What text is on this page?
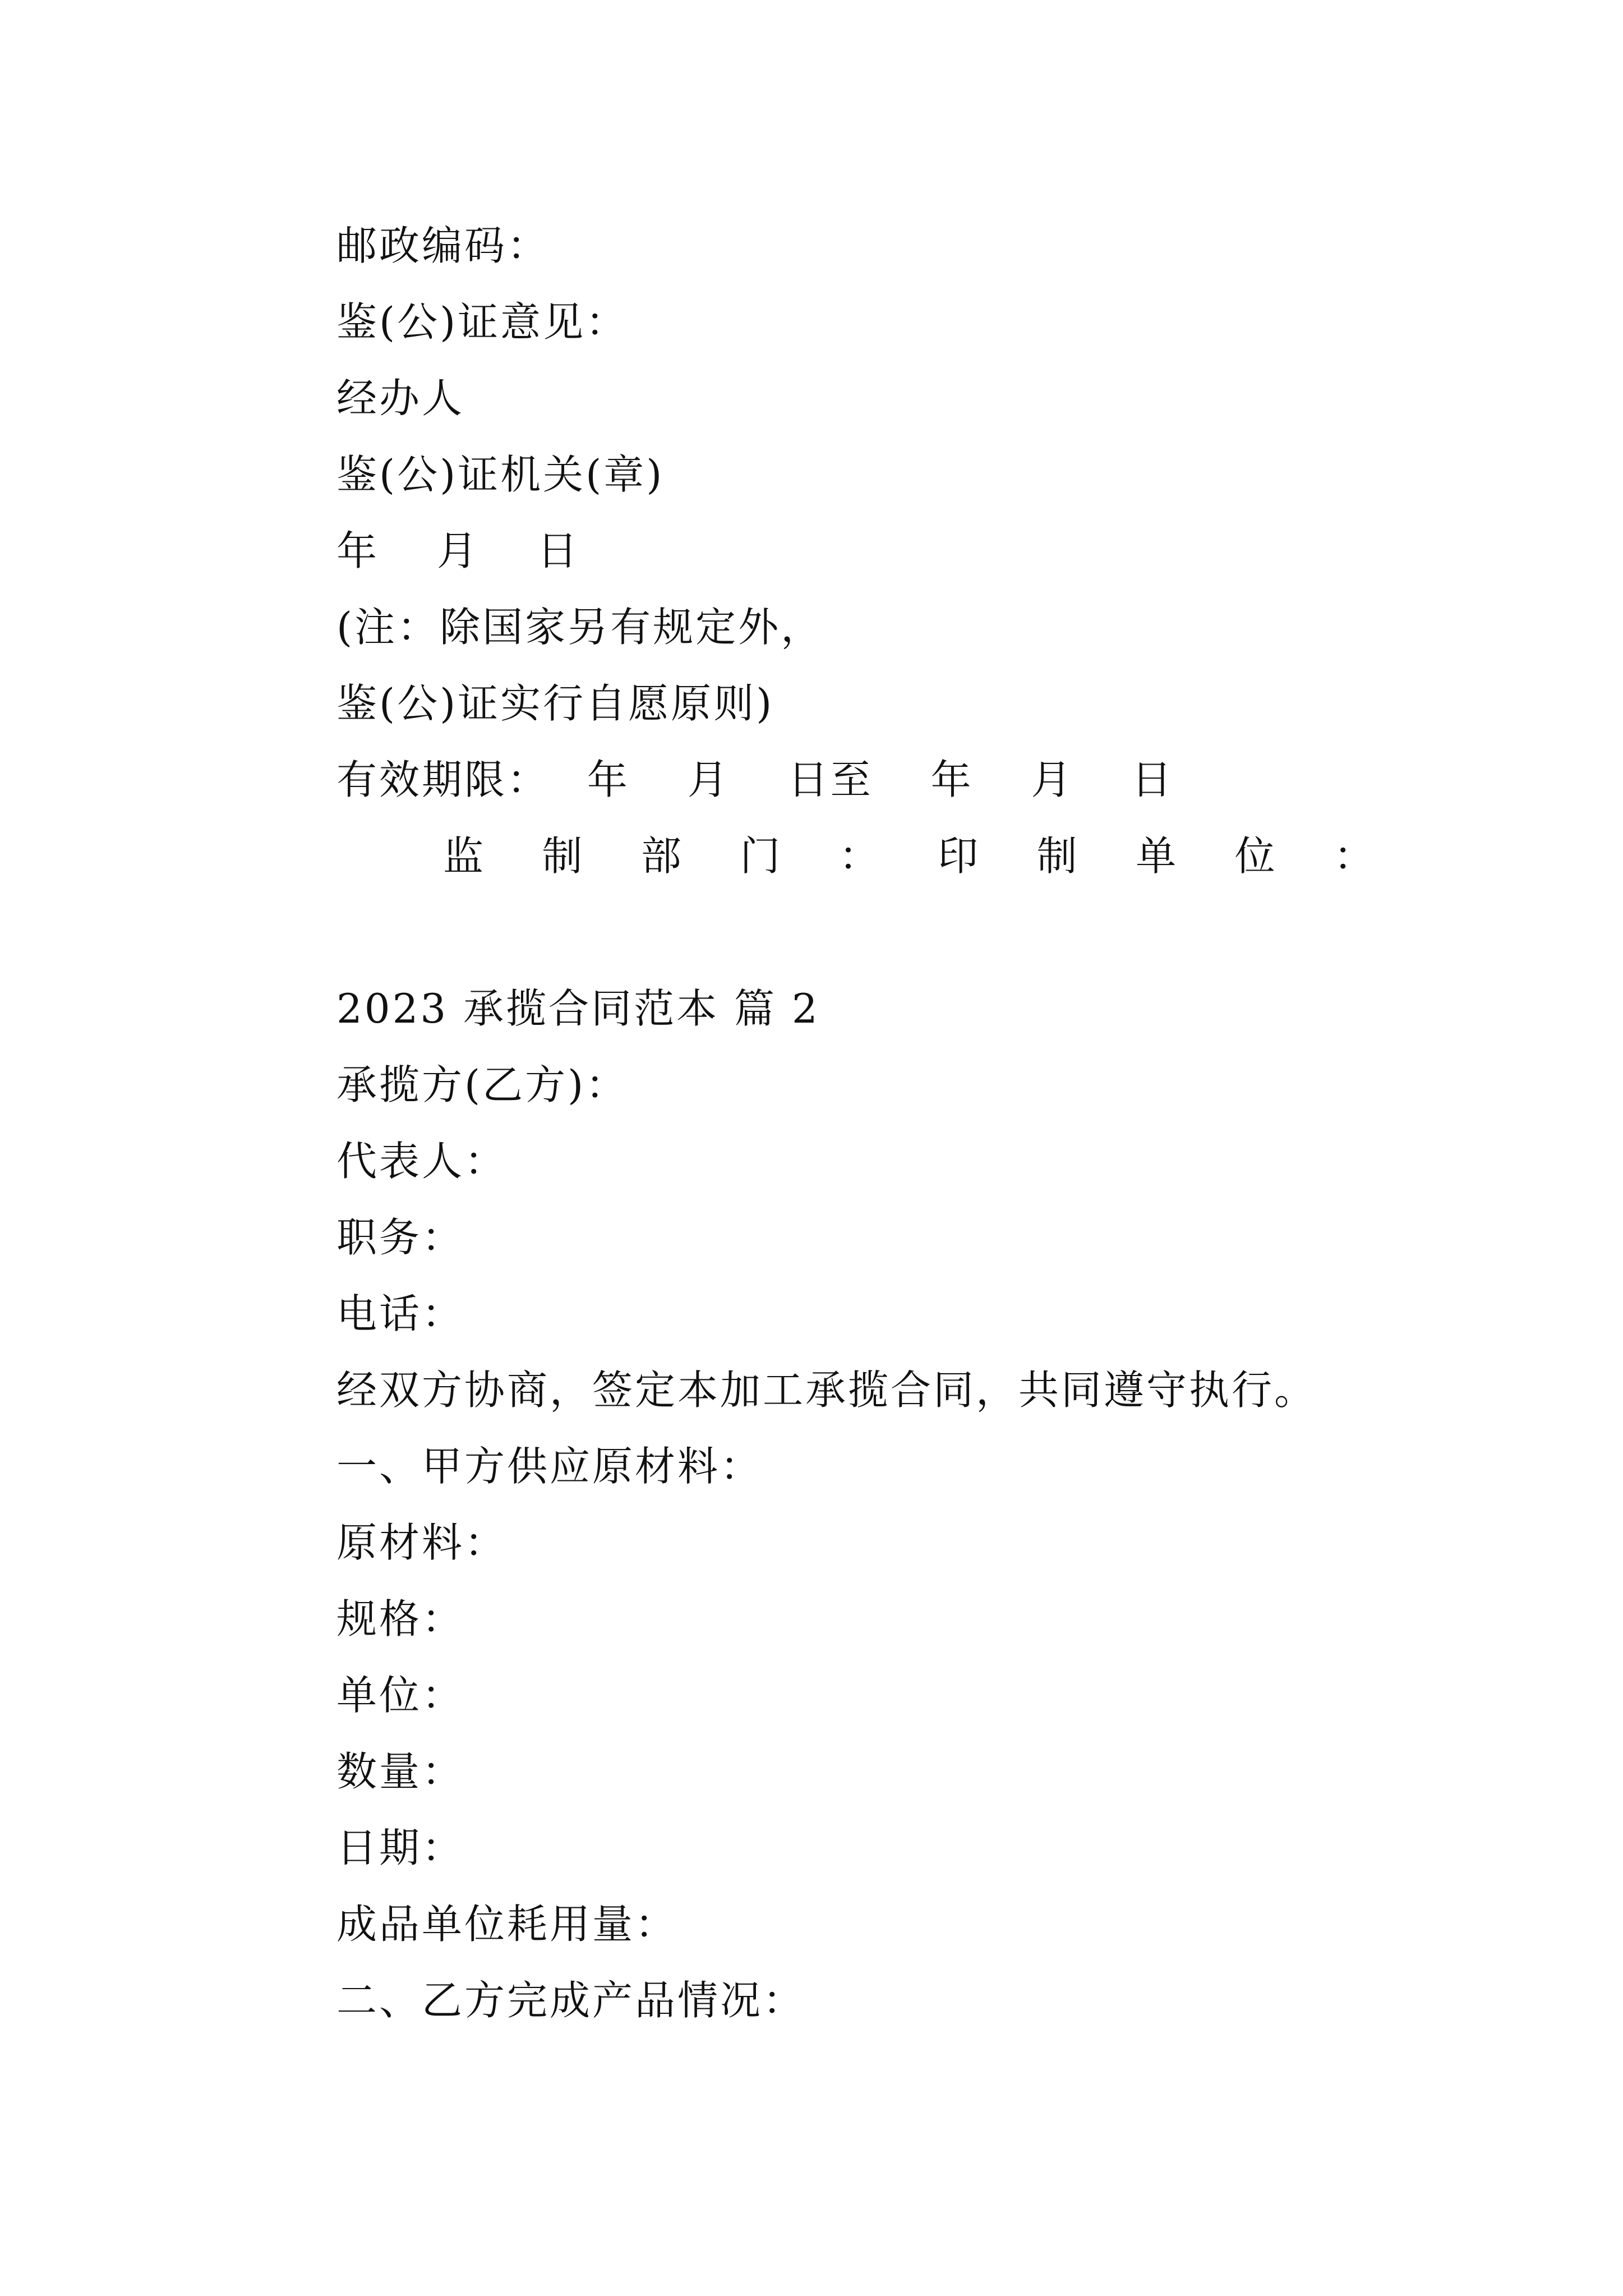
邮政编码：
鉴(公)证意见：
经办人
鉴(公)证机关(章)
年　 月　 日
(注：除国家另有规定外，
鉴(公)证实行自愿原则)
有效期限：　 年　 月　 日至　 年　 月　 日
监 制 部 门 ： 印 制 单 位 ：
2023 承揽合同范本 篇 2
承揽方(乙方)：
代表人：
职务：
电话：
经双方协商，签定本加工承揽合同，共同遵守执行。
一、甲方供应原材料：
原材料：
规格：
单位：
数量：
日期：
成品单位耗用量：
二、乙方完成产品情况：
